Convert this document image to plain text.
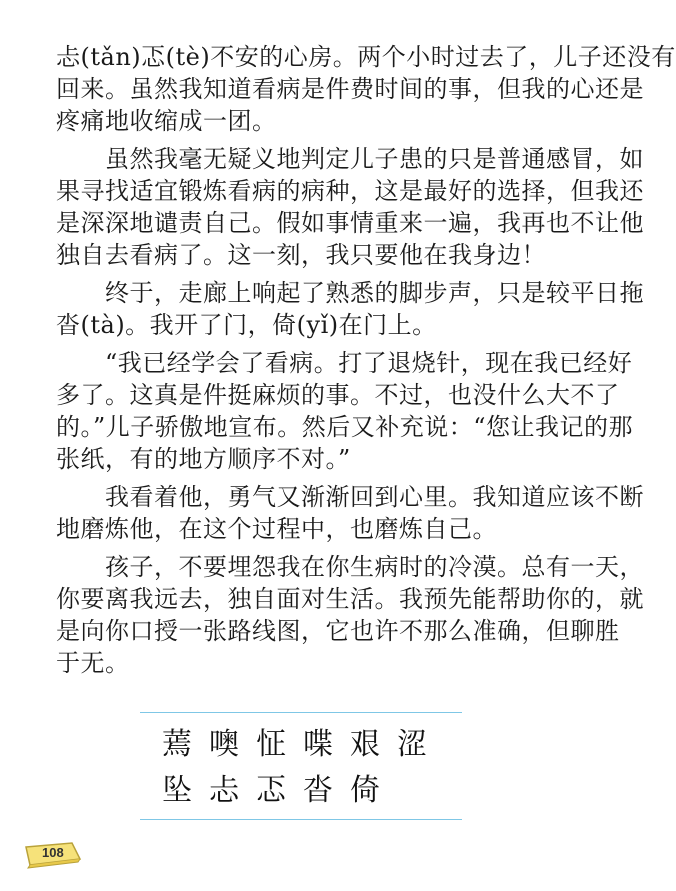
忐(tǎn)忑(tè)不安的心房。两个小时过去了，儿子还没有
回来。虽然我知道看病是件费时间的事，但我的心还是
疼痛地收缩成一团。
　　虽然我毫无疑义地判定儿子患的只是普通感冒，如
果寻找适宜锻炼看病的病种，这是最好的选择，但我还
是深深地谴责自己。假如事情重来一遍，我再也不让他
独自去看病了。这一刻，我只要他在我身边！
　　终于，走廊上响起了熟悉的脚步声，只是较平日拖
沓(tà)。我开了门，倚(yǐ)在门上。
　　“我已经学会了看病。打了退烧针，现在我已经好
多了。这真是件挺麻烦的事。不过，也没什么大不了
的。”儿子骄傲地宣布。然后又补充说：“您让我记的那
张纸，有的地方顺序不对。”
　　我看着他，勇气又渐渐回到心里。我知道应该不断
地磨炼他，在这个过程中，也磨炼自己。
　　孩子，不要埋怨我在你生病时的冷漠。总有一天，
你要离我远去，独自面对生活。我预先能帮助你的，就
是向你口授一张路线图，它也许不那么准确，但聊胜
蔫噢怔喋艰涩
坠忐忑沓倚
108
于无。
